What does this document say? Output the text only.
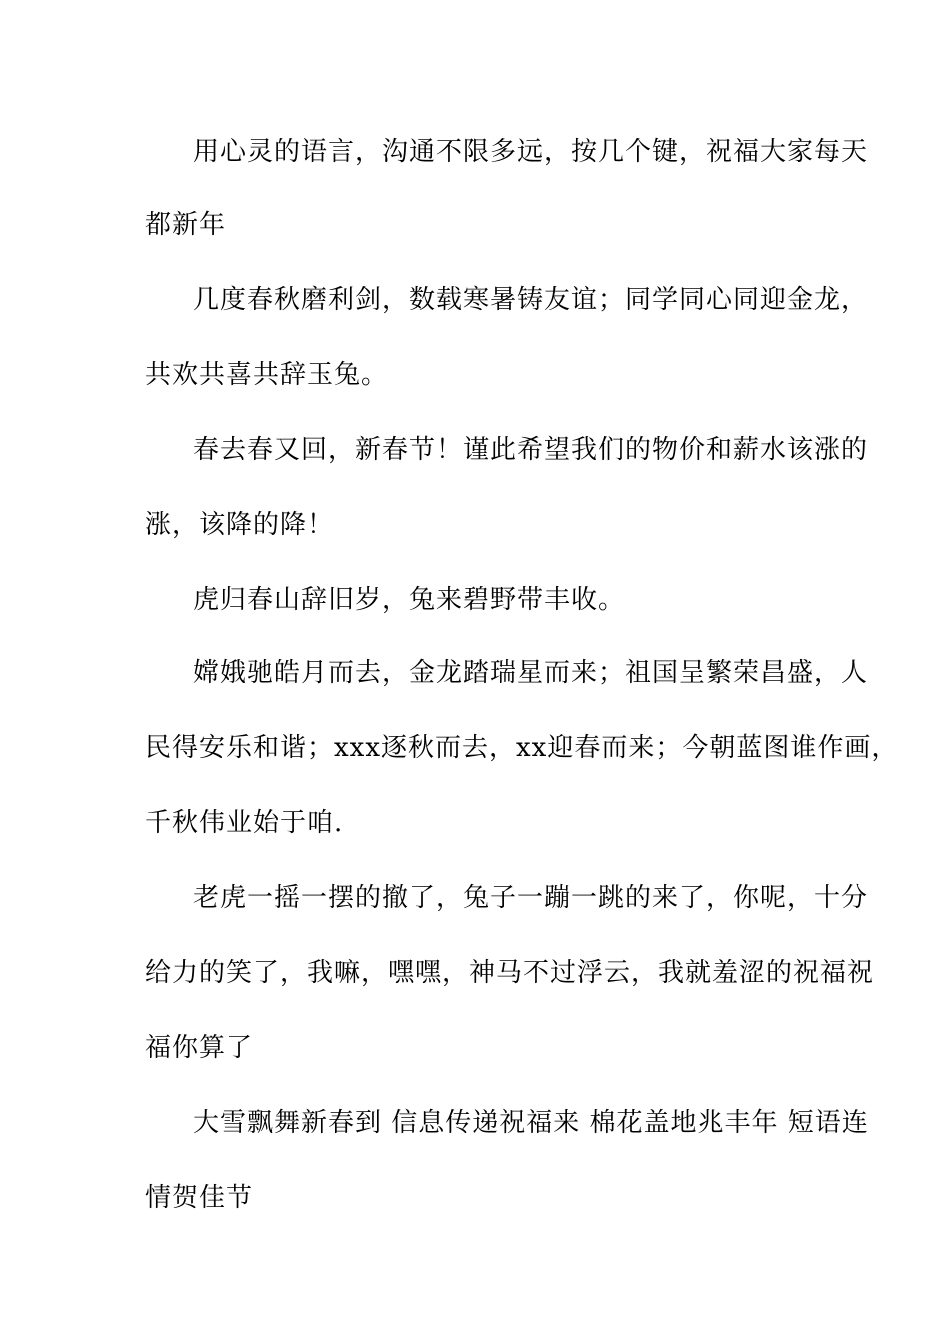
用心灵的语言，沟通不限多远，按几个键，祝福大家每天
都新年
几度春秋磨利剑，数载寒暑铸友谊；同学同心同迎金龙，
共欢共喜共辞玉兔。
春去春又回，新春节！谨此希望我们的物价和薪水该涨的
涨，该降的降！
虎归春山辞旧岁，兔来碧野带丰收。
嫦娥驰皓月而去，金龙踏瑞星而来；祖国呈繁荣昌盛，人
民得安乐和谐；xxx逐秋而去，xx迎春而来；今朝蓝图谁作画，
千秋伟业始于咱.
老虎一摇一摆的撤了，兔子一蹦一跳的来了，你呢，十分
给力的笑了，我嘛，嘿嘿，神马不过浮云，我就羞涩的祝福祝
福你算了
大雪飘舞新春到 信息传递祝福来 棉花盖地兆丰年 短语连
情贺佳节
